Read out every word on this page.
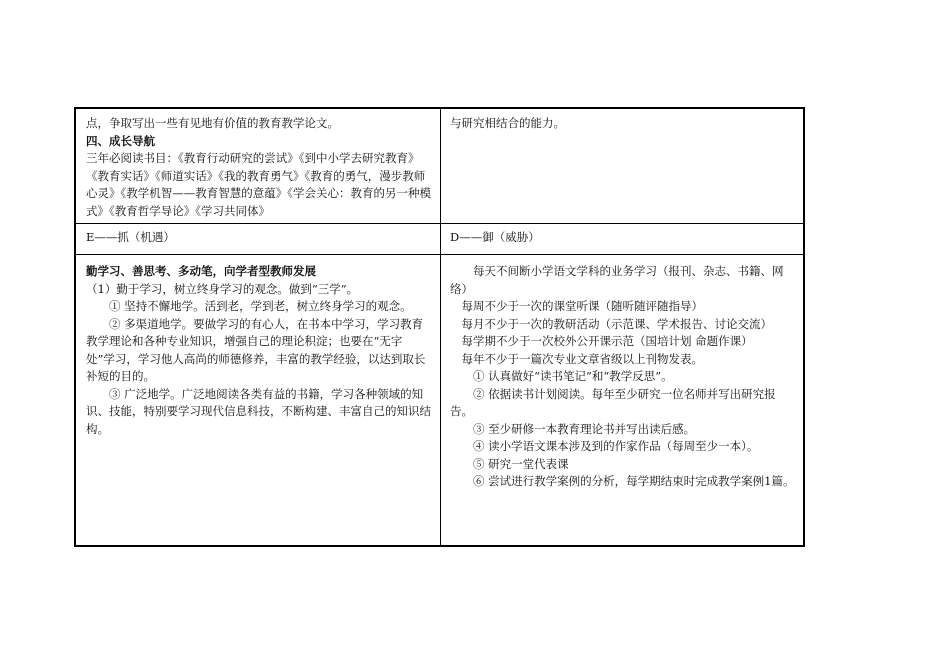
点，争取写出一些有见地有价值的教育教学论文。

四、成长导航

三年必阅读书目：《教育行动研究的尝试》《到中小学去研究教育》《教育实话》《师道实话》《我的教育勇气》《教育的勇气，漫步教师心灵》《教学机智——教育智慧的意蕴》《学会关心：教育的另一种模式》《教育哲学导论》《学习共同体》

与研究相结合的能力。

E——抓（机遇）	D——御（威胁）

勤学习、善思考、多动笔，向学者型教师发展

（1）勤于学习，树立终身学习的观念。做到“三学”。

① 坚持不懈地学。活到老，学到老，树立终身学习的观念。

② 多渠道地学。要做学习的有心人，在书本中学习，学习教育教学理论和各种专业知识，增强自己的理论积淀；也要在“无字处”学习，学习他人高尚的师德修养，丰富的教学经验，以达到取长补短的目的。

③ 广泛地学。广泛地阅读各类有益的书籍，学习各种领域的知识、技能，特别要学习现代信息科技，不断构建、丰富自己的知识结构。

每天不间断小学语文学科的业务学习（报刊、杂志、书籍、网络）

每周不少于一次的课堂听课（随听随评随指导）

每月不少于一次的教研活动（示范课、学术报告、讨论交流）

每学期不少于一次校外公开课示范（国培计划 命题作课）

每年不少于一篇次专业文章省级以上刊物发表。

① 认真做好“读书笔记”和“教学反思”。

② 依据读书计划阅读。每年至少研究一位名师并写出研究报告。

③ 至少研修一本教育理论书并写出读后感。

④ 读小学语文课本涉及到的作家作品（每周至少一本）。

⑤ 研究一堂代表课

⑥ 尝试进行教学案例的分析，每学期结束时完成教学案例1篇。
